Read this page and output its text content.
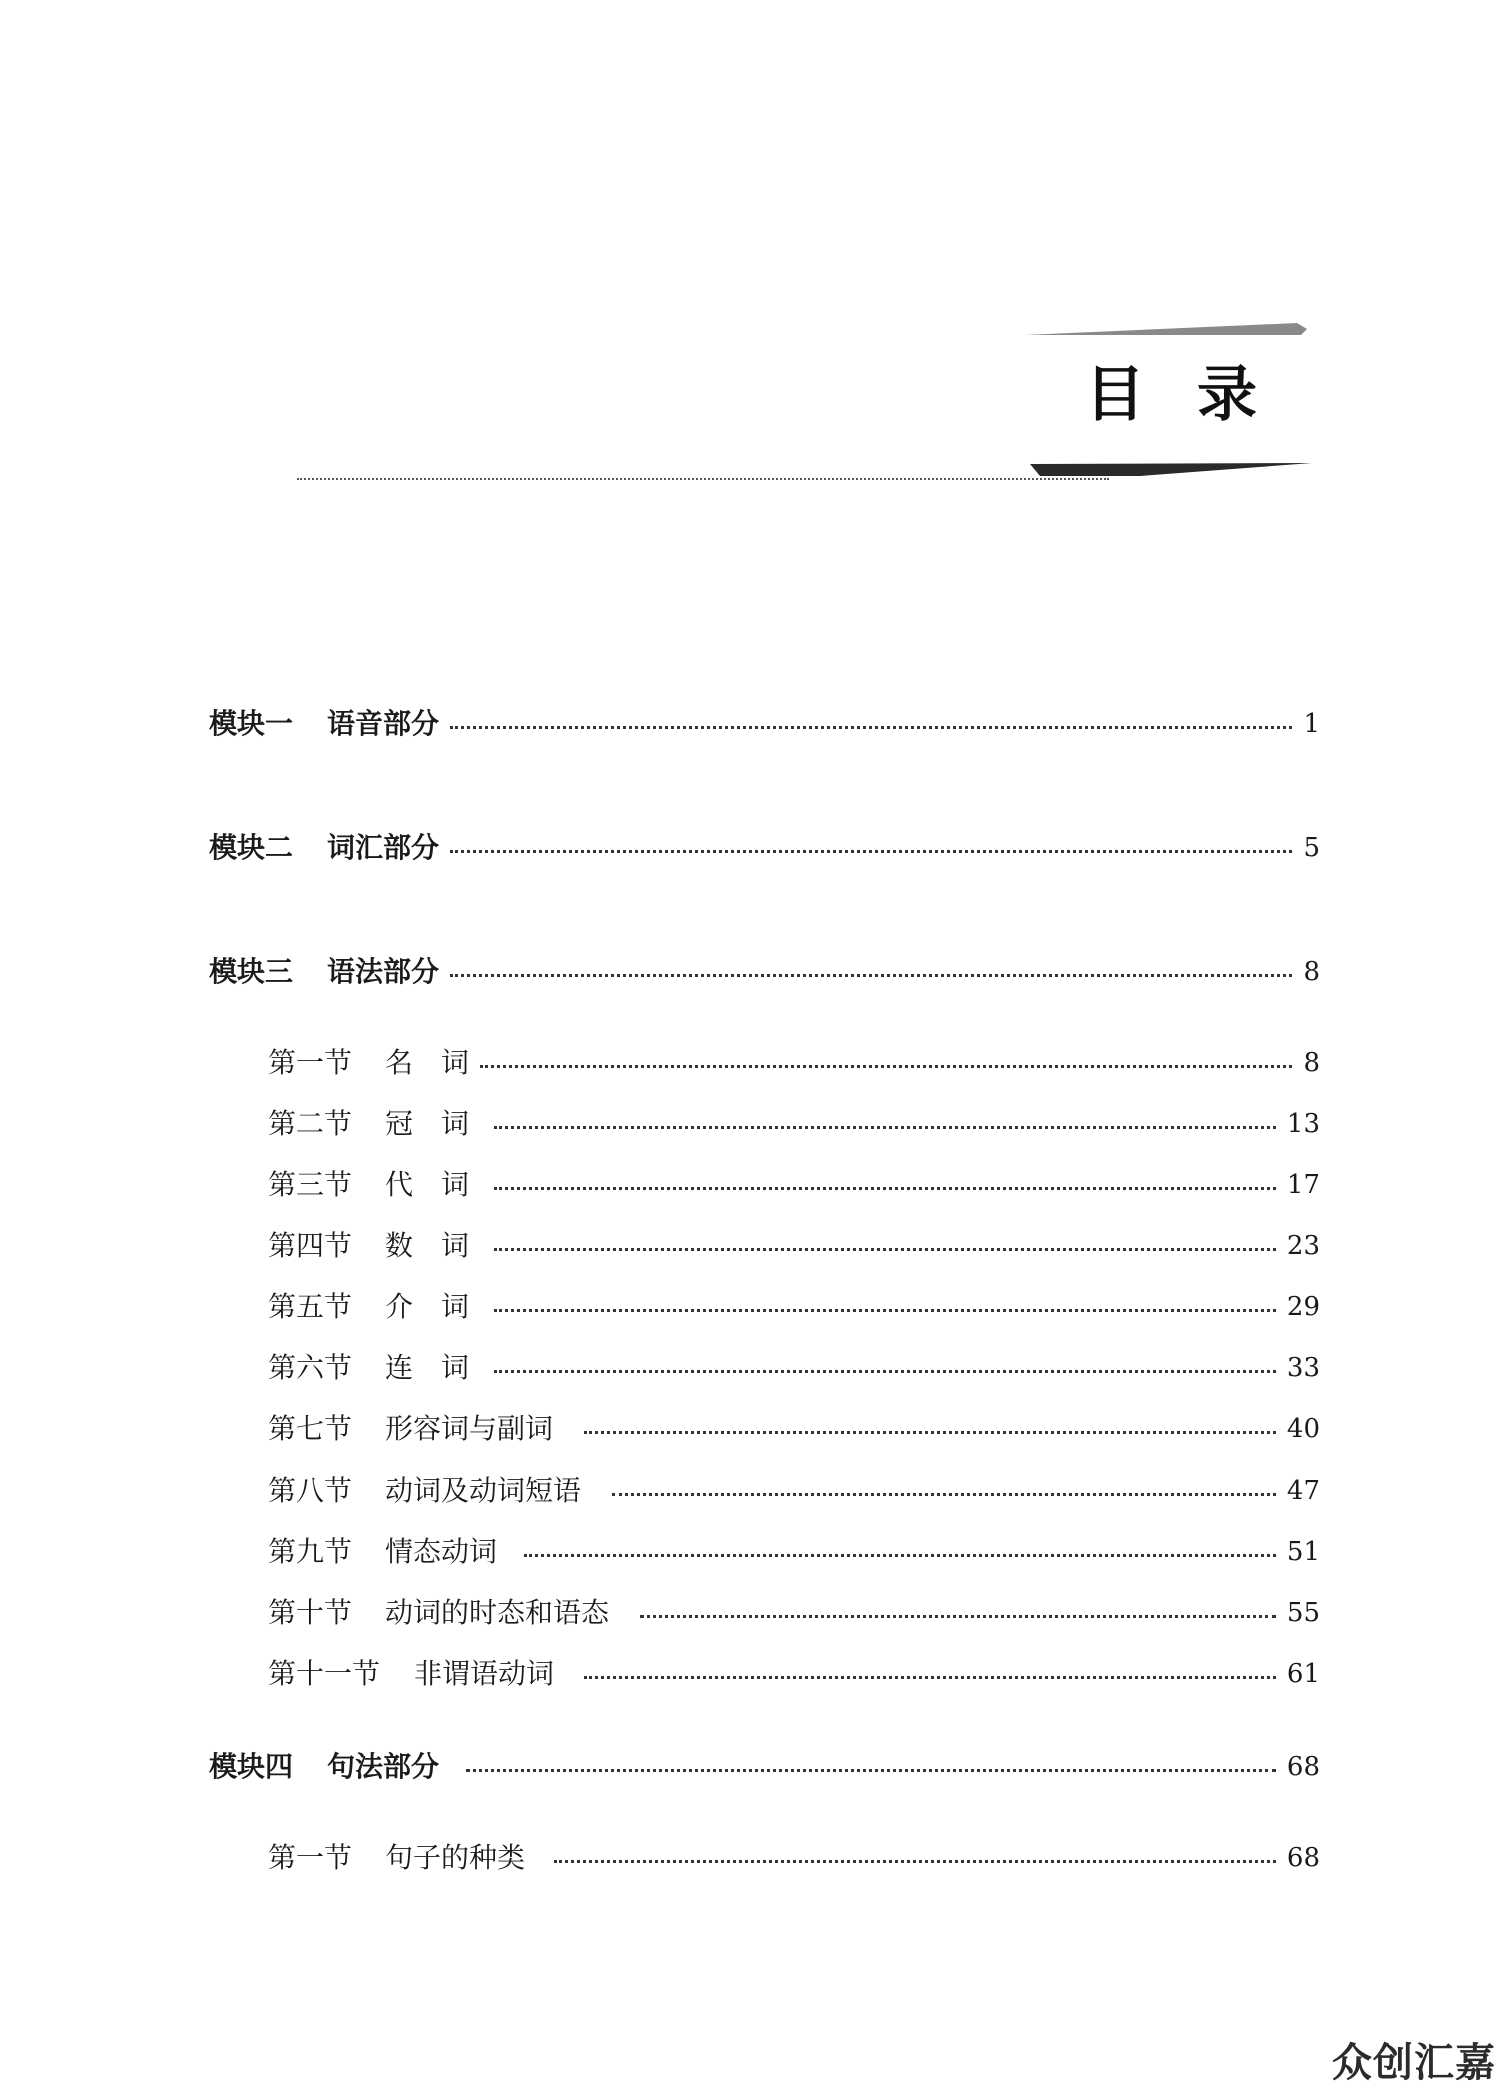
目录
模块一 语音部分	1
模块二 词汇部分	5
模块三 语法部分	8
第一节 名　词	8
第二节 冠　词	13
第三节 代　词	17
第四节 数　词	23
第五节 介　词	29
第六节 连　词	33
第七节 形容词与副词	40
第八节 动词及动词短语	47
第九节 情态动词	51
第十节 动词的时态和语态	55
第十一节 非谓语动词	61
模块四 句法部分	68
第一节 句子的种类	68
众创汇嘉
